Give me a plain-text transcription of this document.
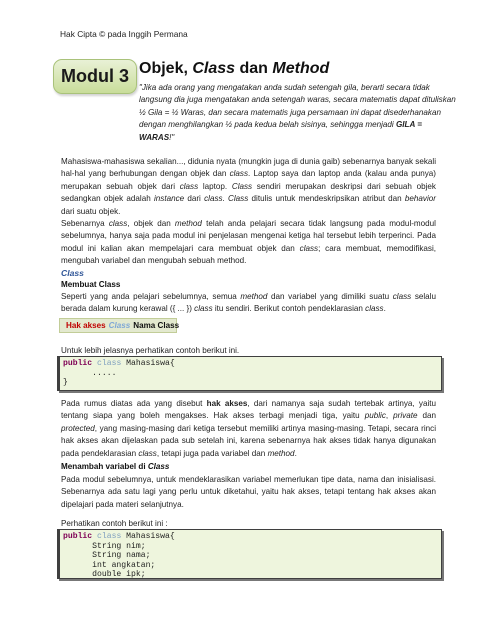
Hak Cipta © pada Inggih Permana
Modul 3 Objek, Class dan Method
"Jika ada orang yang mengatakan anda sudah setengah gila, berarti secara tidak langsung dia juga mengatakan anda setengah waras, secara matematis dapat dituliskan ½ Gila = ½ Waras, dan secara matematis juga persamaan ini dapat disederhanakan dengan menghilangkan ½ pada kedua belah sisinya, sehingga menjadi GILA = WARAS!"

Mahasiswa-mahasiswa sekalian..., didunia nyata (mungkin juga di dunia gaib) sebenarnya banyak sekali hal-hal yang berhubungan dengan objek dan class. Laptop saya dan laptop anda (kalau anda punya) merupakan sebuah objek dari class laptop. Class sendiri merupakan deskripsi dari sebuah objek sedangkan objek adalah instance dari class. Class ditulis untuk mendeskripsikan atribut dan behavior dari suatu objek.

Sebenarnya class, objek dan method telah anda pelajari secara tidak langsung pada modul-modul sebelumnya, hanya saja pada modul ini penjelasan mengenai ketiga hal tersebut lebih terperinci. Pada modul ini kalian akan mempelajari cara membuat objek dan class; cara membuat, memodifikasi, mengubah variabel dan mengubah sebuah method.

Class
Membuat Class

Seperti yang anda pelajari sebelumnya, semua method dan variabel yang dimiliki suatu class selalu berada dalam kurung kerawal ({ ... }) class itu sendiri. Berikut contoh pendeklarasian class.

Hak akses Class Nama Class
Untuk lebih jelasnya perhatikan contoh berikut ini.
public class Mahasiswa{
.....
}

Pada rumus diatas ada yang disebut hak akses, dari namanya saja sudah tertebak artinya, yaitu tentang siapa yang boleh mengakses. Hak akses terbagi menjadi tiga, yaitu public, private dan protected, yang masing-masing dari ketiga tersebut memiliki artinya masing-masing. Tetapi, secara rinci hak akses akan dijelaskan pada sub setelah ini, karena sebenarnya hak akses tidak hanya digunakan pada pendeklarasian class, tetapi juga pada variabel dan method.

Menambah variabel di Class
Pada modul sebelumnya, untuk mendeklarasikan variabel memerlukan tipe data, nama dan inisialisasi. Sebenarnya ada satu lagi yang perlu untuk diketahui, yaitu hak akses, tetapi tentang hak akses akan dipelajari pada materi selanjutnya.
Perhatikan contoh berikut ini :
public class Mahasiswa{
String nim;
String nama;
int angkatan;
double ipk;
